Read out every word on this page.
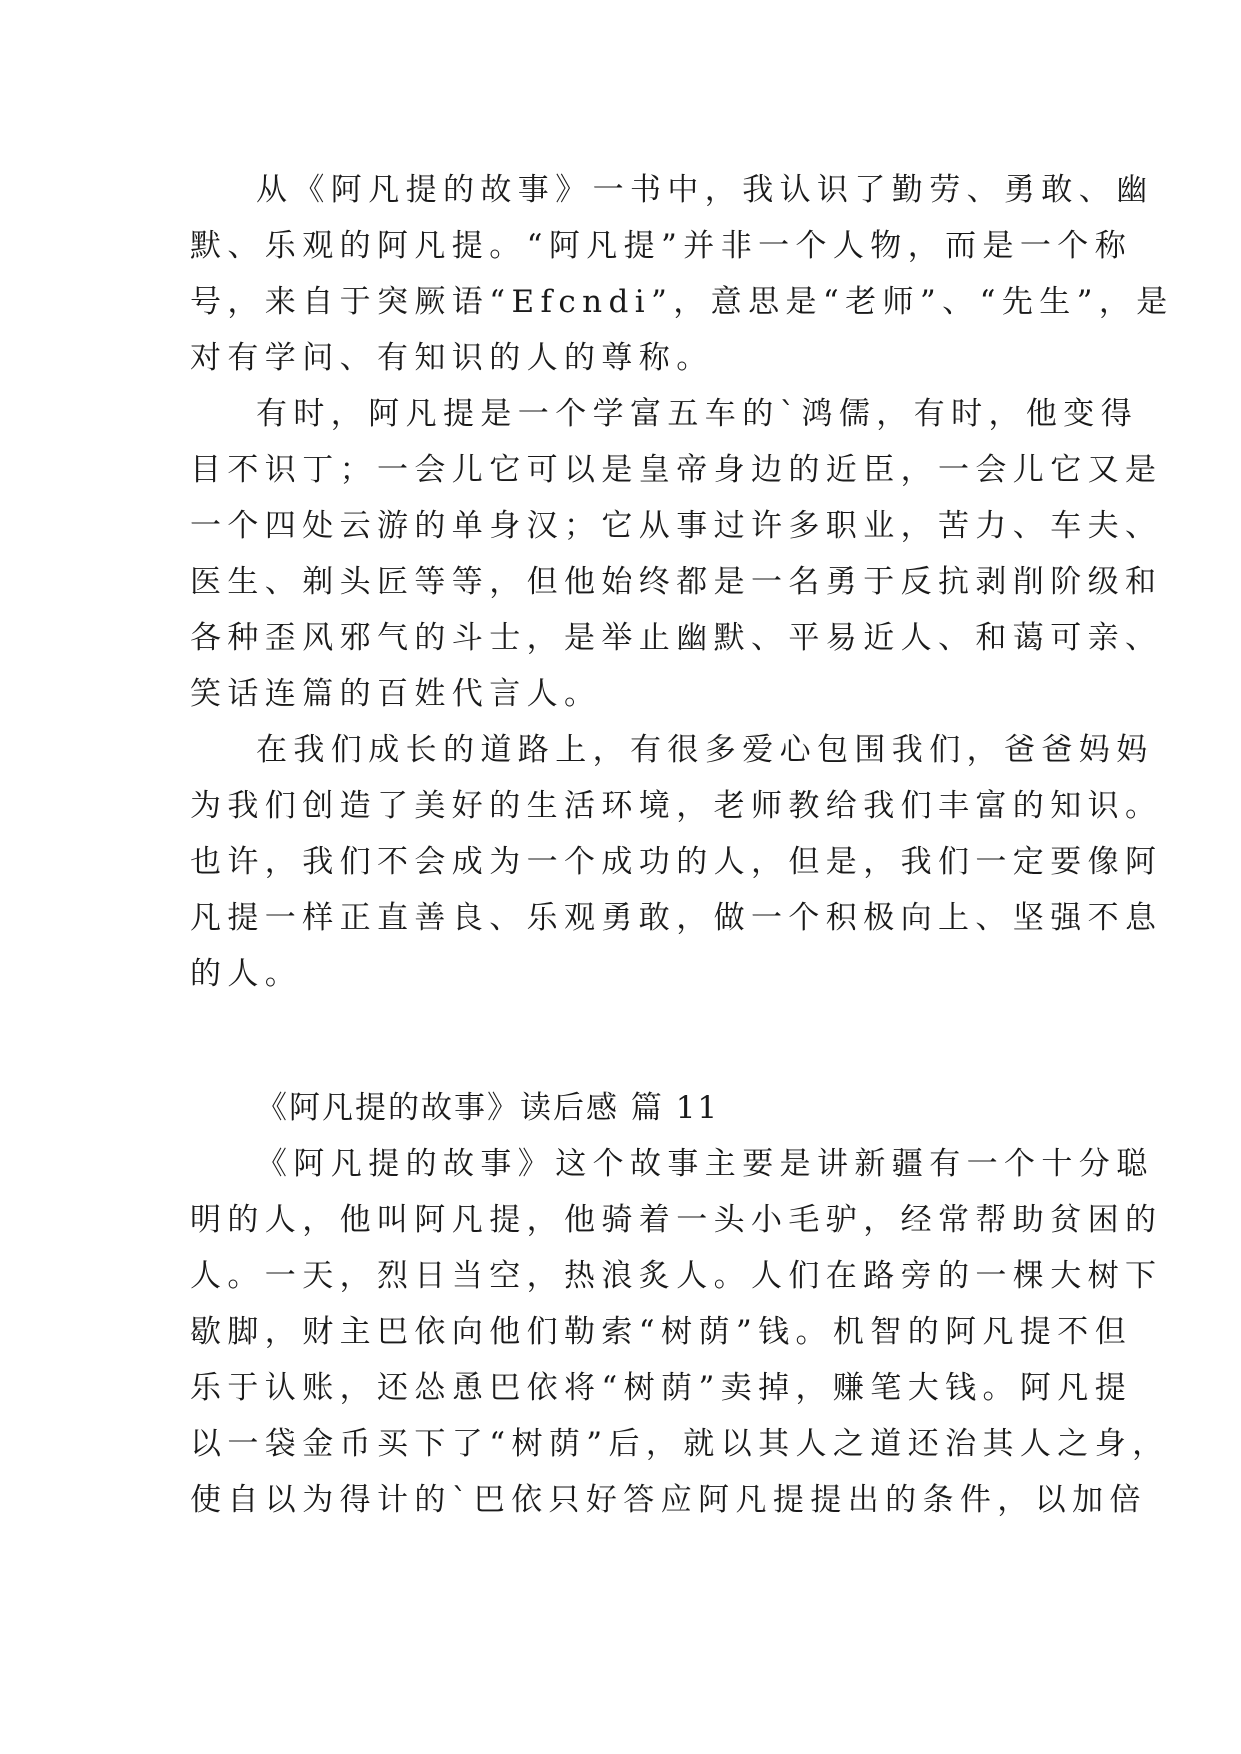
从《阿凡提的故事》一书中，我认识了勤劳、勇敢、幽

默、乐观的阿凡提。“阿凡提”并非一个人物，而是一个称

号，来自于突厥语“Efcndi”，意思是“老师”、“先生”，是

对有学问、有知识的人的尊称。

有时，阿凡提是一个学富五车的`鸿儒，有时，他变得

目不识丁；一会儿它可以是皇帝身边的近臣，一会儿它又是

一个四处云游的单身汉；它从事过许多职业，苦力、车夫、

医生、剃头匠等等，但他始终都是一名勇于反抗剥削阶级和

各种歪风邪气的斗士，是举止幽默、平易近人、和蔼可亲、

笑话连篇的百姓代言人。

在我们成长的道路上，有很多爱心包围我们，爸爸妈妈

为我们创造了美好的生活环境，老师教给我们丰富的知识。

也许，我们不会成为一个成功的人，但是，我们一定要像阿

凡提一样正直善良、乐观勇敢，做一个积极向上、坚强不息

的人。

《阿凡提的故事》读后感 篇 11

《阿凡提的故事》这个故事主要是讲新疆有一个十分聪

明的人，他叫阿凡提，他骑着一头小毛驴，经常帮助贫困的

人。一天，烈日当空，热浪炙人。人们在路旁的一棵大树下

歇脚，财主巴依向他们勒索“树荫”钱。机智的阿凡提不但

乐于认账，还怂恿巴依将“树荫”卖掉，赚笔大钱。阿凡提

以一袋金币买下了“树荫”后，就以其人之道还治其人之身，

使自以为得计的`巴依只好答应阿凡提提出的条件，以加倍
